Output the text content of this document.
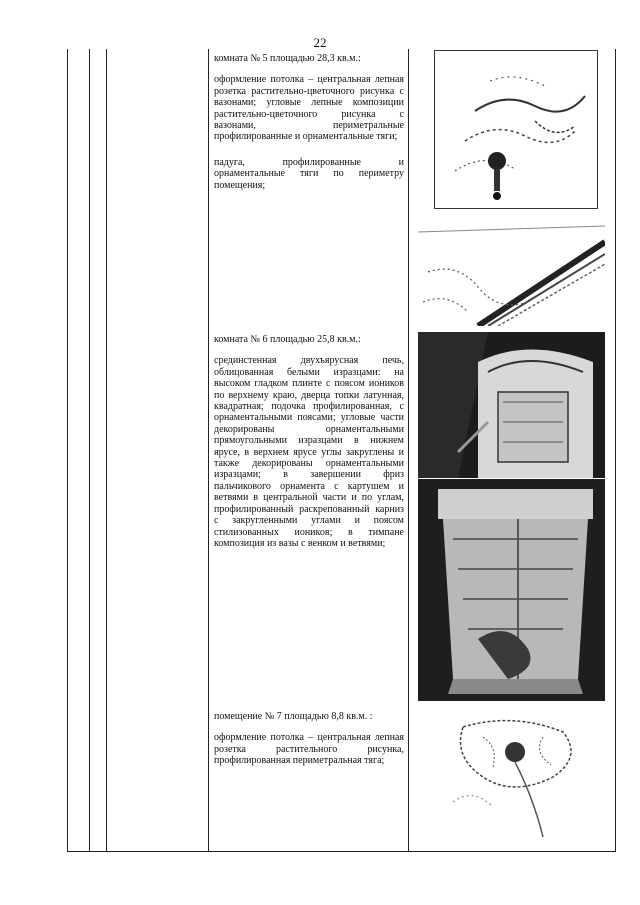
22

комната № 5 площадью 28,3 кв.м.:

оформление потолка – центральная лепная розетка растительно-цветочного рисунка с вазонами; угловые лепные композиции растительно-цветочного рисунка с вазонами, периметральные профилированные и орнаментальные тяги;

падуга, профилированные и орнаментальные тяги по периметру помещения;

комната № 6 площадью 25,8 кв.м.:

срединстенная двухъярусная печь, облицованная белыми изразцами: на высоком гладком плинте с поясом иоников по верхнему краю, дверца топки латунная, квадратная; подочка профилированная, с орнаментальными поясами; угловые части декорированы орнаментальными прямоугольными изразцами в нижнем ярусе, в верхнем ярусе углы закруглены и также декорированы орнаментальными изразцами; в завершении фриз пальчикового орнамента с картушем и ветвями в центральной части и по углам, профилированный раскрепованный карниз с закругленными углами и поясом стилизованных иоников; в тимпане композиция из вазы с венком и ветвями;

помещение № 7 площадью 8,8 кв.м. :

оформление потолка – центральная лепная розетка растительного рисунка, профилированная периметральная тяга;
